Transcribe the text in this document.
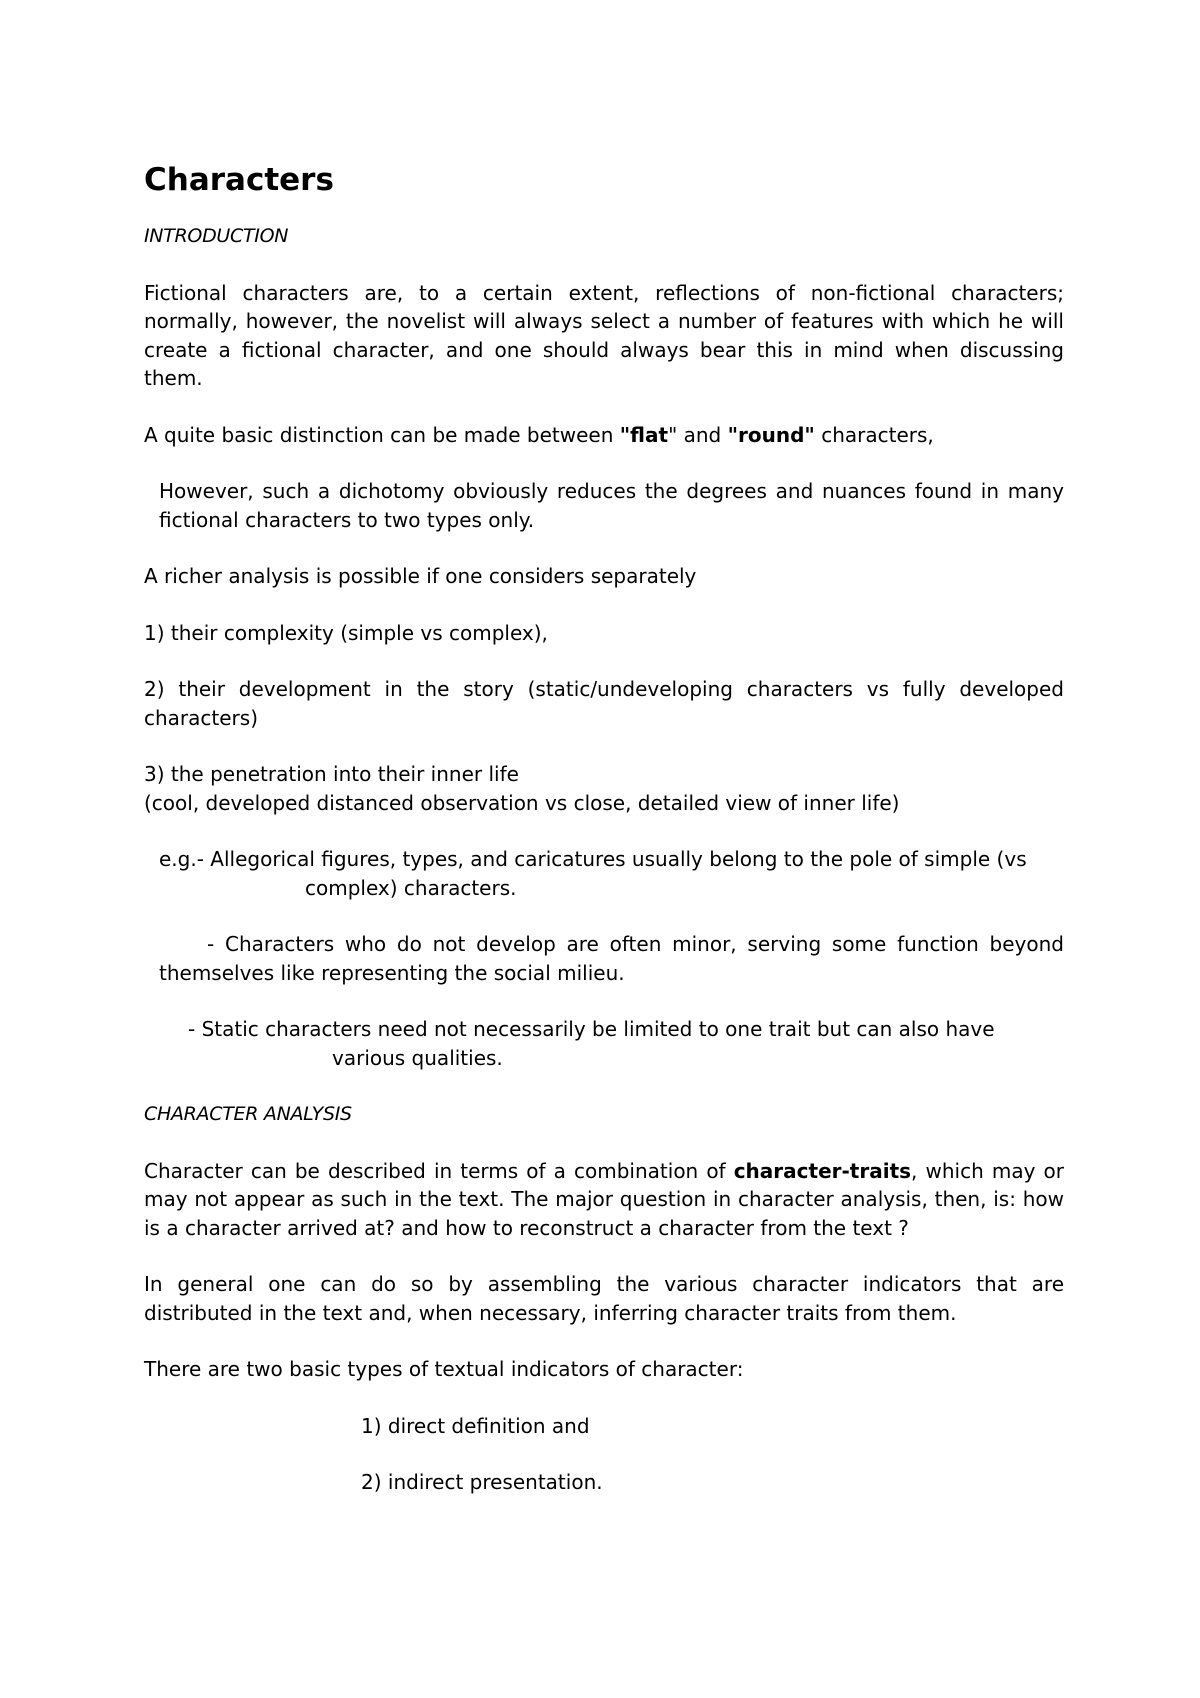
Characters
INTRODUCTION

Fictional characters are, to a certain extent, reflections of non-fictional characters; normally, however, the novelist will always select a number of features with which he will create a fictional character, and one should always bear this in mind when discussing them.

A quite basic distinction can be made between "flat" and "round" characters,

However, such a dichotomy obviously reduces the degrees and nuances found in many fictional characters to two types only.

A richer analysis is possible if one considers separately

1) their complexity (simple vs complex),

2) their development in the story (static/undeveloping characters vs fully developed characters)

3) the penetration into their inner life
(cool, developed distanced observation vs close, detailed view of inner life)

e.g.- Allegorical figures, types, and caricatures usually belong to the pole of simple (vs
complex) characters.

- Characters who do not develop are often minor, serving some function beyond themselves like representing the social milieu.

- Static characters need not necessarily be limited to one trait but can also have
various qualities.

CHARACTER ANALYSIS

Character can be described in terms of a combination of character-traits, which may or may not appear as such in the text. The major question in character analysis, then, is: how is a character arrived at? and how to reconstruct a character from the text ?

In general one can do so by assembling the various character indicators that are distributed in the text and, when necessary, inferring character traits from them.

There are two basic types of textual indicators of character:

1) direct definition and

2) indirect presentation.
